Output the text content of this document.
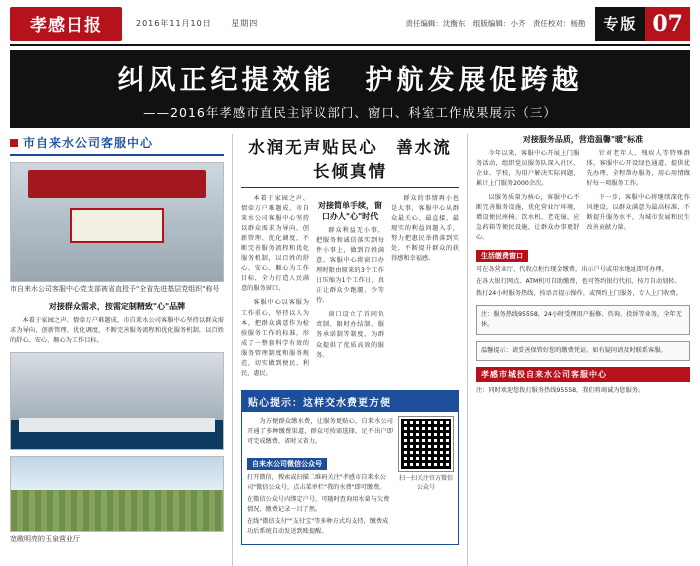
孝感日报	2016年11月10日 星期四	责任编辑：沈衡东　组版编辑：小齐　责任校对：杨勘	专版 07
纠风正纪提效能　护航发展促跨越
——2016年孝感市直民主评议部门、窗口、科室工作成果展示（三）
市自来水公司客服中心
市自来水公司客服中心党支部被省直授予"全省先进基层党组织"称号
对接群众需求，按需定制精致"心"品牌

本着于家园之声、情牵万户难题成，市自来水公司客服中心坚持以群众需求为导向，创新管理、优化调度，不断完善服务流程和优化服务机制，以百姓的舒心、安心、顺心为工作目标。

宽敞明亮的玉泉营业厅
水润无声贴民心　善水流长倾真情

本着于家园之声、情牵万户难题成，市自来水公司客服中心坚持以群众需求为导向，创新管理、优化调度，不断完善服务流程和优化服务机制，以百姓的舒心、安心、顺心为工作目标，全力打造人民满意的服务窗口。

客服中心以客服为工作重心，坚持以人为本，把群众满意作为检验服务工作的标准，形成了一整套科学有效的服务管理制度和服务规范，切实做到便民、利民、惠民。

对接简单手续，窗口办人"心"时代

群众利益无小事，把服务和诚信落实到每件小事上，做到百姓满意。客服中心将窗口办理时限由原来的3个工作日压缩为1个工作日，真正让群众少跑腿、少等待。

窗口设立了首问负责制、限时办结制、服务承诺制等制度，为群众提供了优质高效的服务。

群众的事情再小也是大事，客服中心从群众最关心、最直接、最现实的利益问题入手，努力把惠民举措落到实处，不断提升群众的获得感和幸福感。

贴心提示：这样交水费更方便

为方便群众缴水费，让服务更贴心，自来水公司开通了多种缴费渠道，群众可按需选择，足不出户即可完成缴费，省时又省力。

自来水公司微信公众号
打开微信，搜索或扫描二维码关注"孝感市自来水公司"微信公众号，点击菜单栏"我的水费"即可缴费。
在微信公众号内绑定户号，可随时查询用水量与欠费情况，缴费记录一目了然。
在线"微信支付""支付宝"等多种方式均支持，缴费成功后系统自动发送到账提醒。
扫一扫关注官方微信公众号
对接服务品质，营造温馨"暖"标准

今年以来，客服中心开展上门服务活动，组织党员服务队深入社区、企业、学校，为用户解决实际问题，累计上门服务2000余次。

以服务质量为核心，客服中心不断完善服务设施，优化营业厅环境，增设便民座椅、饮水机、老花镜、应急药箱等便民设施，让群众办事更舒心。

针对老年人、残疾人等特殊群体，客服中心开设绿色通道，提供优先办理、全程帮办服务，用心用情做好每一项服务工作。

下一步，客服中心将继续深化作风建设，以群众满意为最高标准，不断提升服务水平，为城市发展和民生改善贡献力量。

生活缴费窗口
可在各营业厅、代收点柜台现金缴费，出示户号或用水地址即可办理。
在各大银行网点、ATM机可自助缴费，也可签约银行代扣，按月自动划转。
拨打24小时服务热线，按语音提示操作，或预约上门服务，专人上门收费。
注：服务热线95558，24小时受理用户报修、咨询、投诉等业务，全年无休。
温馨提示：请妥善保管好您的缴费凭证，如有疑问请及时联系客服。
孝感市城投自来水公司客服中心
注：同时欢迎您拨打服务热线95558，我们将竭诚为您服务。
